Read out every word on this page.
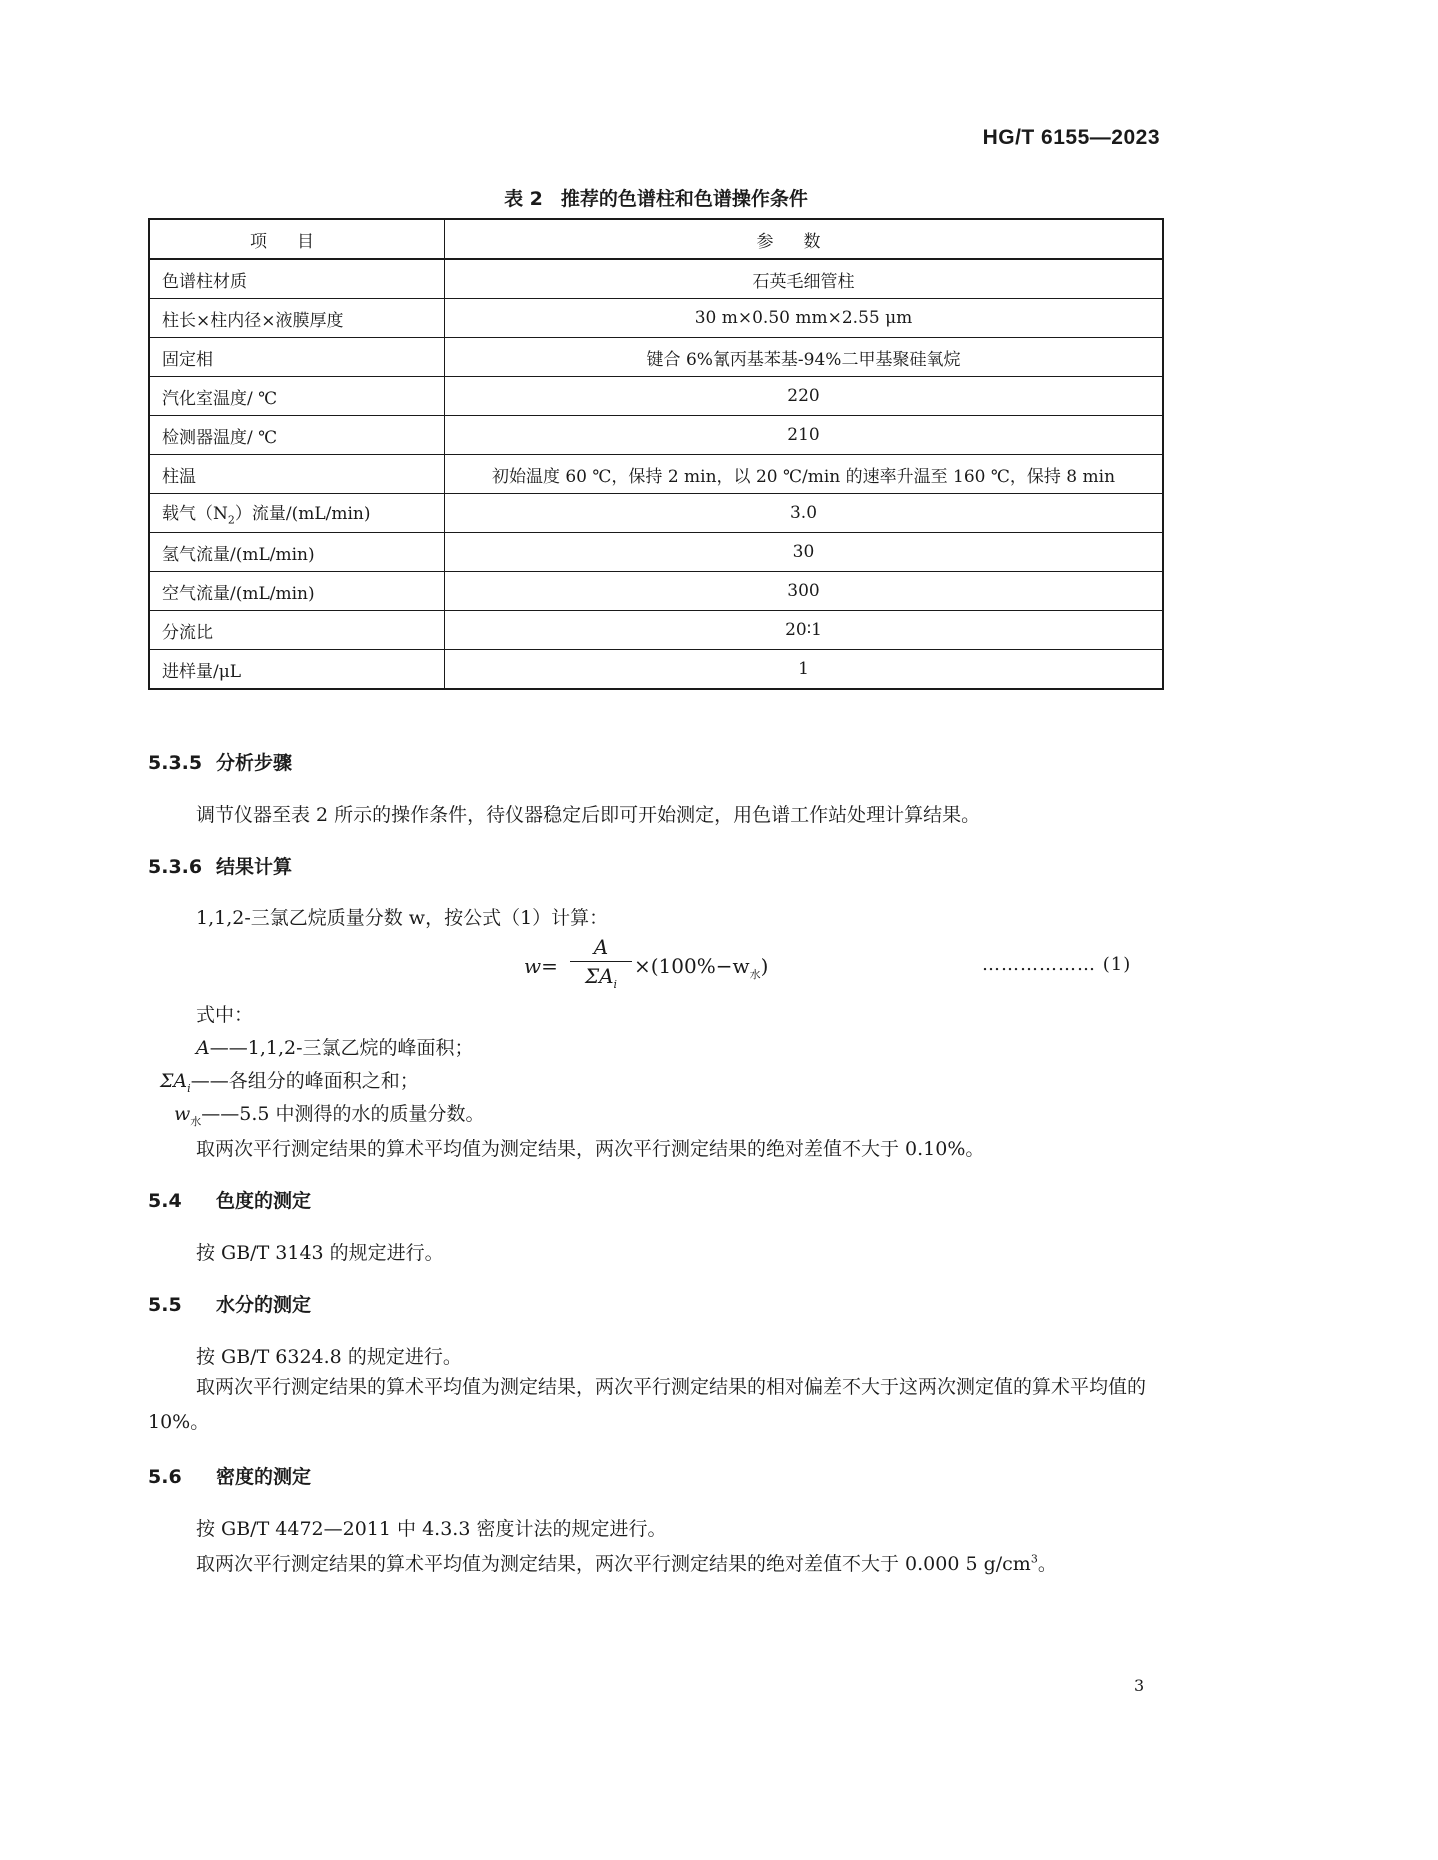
HG/T 6155—2023
表 2 推荐的色谱柱和色谱操作条件
项目	参数
色谱柱材质	石英毛细管柱
柱长×柱内径×液膜厚度	30 m×0.50 mm×2.55 μm
固定相	键合 6%氰丙基苯基-94%二甲基聚硅氧烷
汽化室温度/ ℃	220
检测器温度/ ℃	210
柱温	初始温度 60 ℃，保持 2 min，以 20 ℃/min 的速率升温至 160 ℃，保持 8 min
载气$(N_2)$流量/(mL/min)	3.0
氢气流量/(mL/min)	30
空气流量/(mL/min)	300
分流比	20∶1
进样量/μL	1
5.3.5 分析步骤
调节仪器至表 2 所示的操作条件，待仪器稳定后即可开始测定，用色谱工作站处理计算结果。
5.3.6 结果计算
1,1,2-三氯乙烷质量分数 w，按公式（1）计算：
w=
A
$\Sigma A_i$
$\times(100\%-w_水)$	……………… (1)
式中：
A——1,1,2-三氯乙烷的峰面积；
$\Sigma A_i——$各组分的峰面积之和；
$w_水——5.5$ 中测得的水的质量分数。
取两次平行测定结果的算术平均值为测定结果，两次平行测定结果的绝对差值不大于 0.10%。
5.4 色度的测定
按 GB/T 3143 的规定进行。
5.5 水分的测定
按 GB/T 6324.8 的规定进行。
取两次平行测定结果的算术平均值为测定结果，两次平行测定结果的相对偏差不大于这两次测定值的算术平均值的 10%。
5.6 密度的测定
按 GB/T 4472—2011 中 4.3.3 密度计法的规定进行。
取两次平行测定结果的算术平均值为测定结果，两次平行测定结果的绝对差值不大于 0.000 5 $g/cm^3$。
3
